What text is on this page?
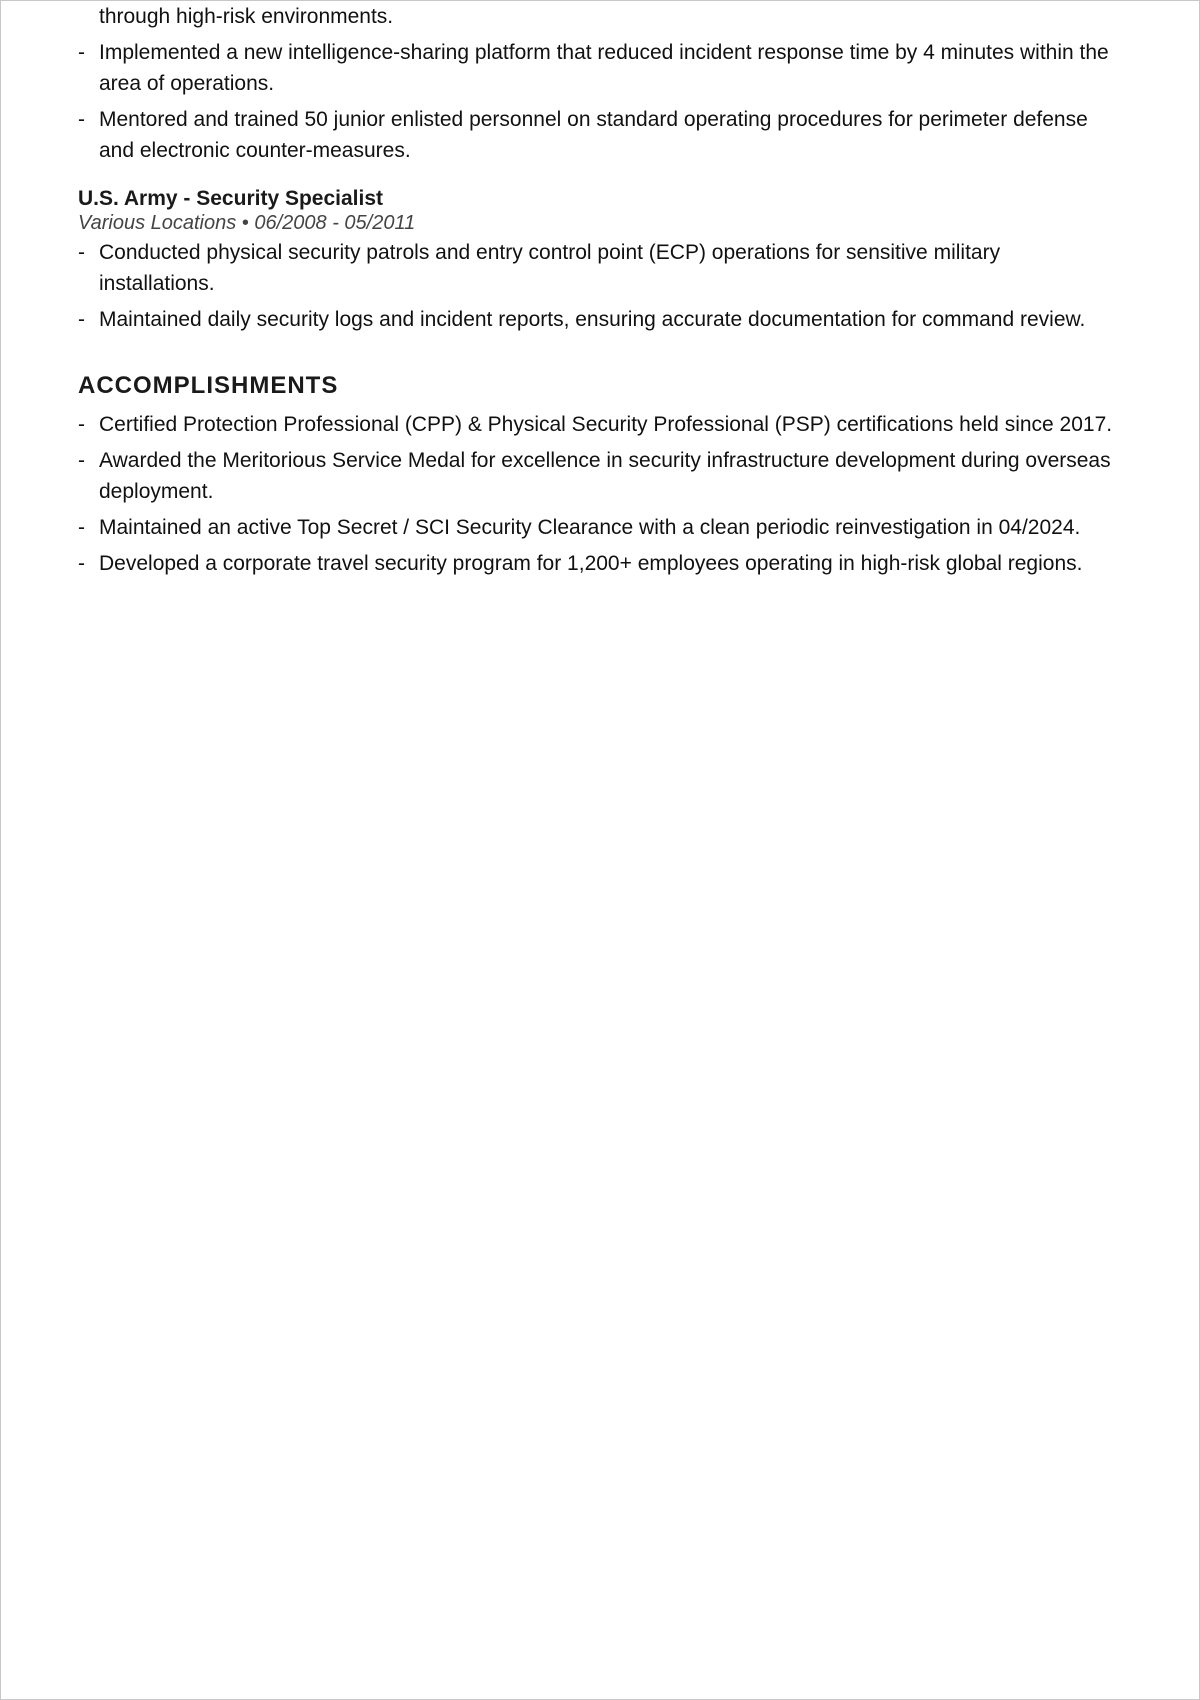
through high-risk environments.
- Implemented a new intelligence-sharing platform that reduced incident response time by 4 minutes within the area of operations.
- Mentored and trained 50 junior enlisted personnel on standard operating procedures for perimeter defense and electronic counter-measures.
U.S. Army - Security Specialist
Various Locations • 06/2008 - 05/2011
- Conducted physical security patrols and entry control point (ECP) operations for sensitive military installations.
- Maintained daily security logs and incident reports, ensuring accurate documentation for command review.
ACCOMPLISHMENTS
- Certified Protection Professional (CPP) & Physical Security Professional (PSP) certifications held since 2017.
- Awarded the Meritorious Service Medal for excellence in security infrastructure development during overseas deployment.
- Maintained an active Top Secret / SCI Security Clearance with a clean periodic reinvestigation in 04/2024.
- Developed a corporate travel security program for 1,200+ employees operating in high-risk global regions.
